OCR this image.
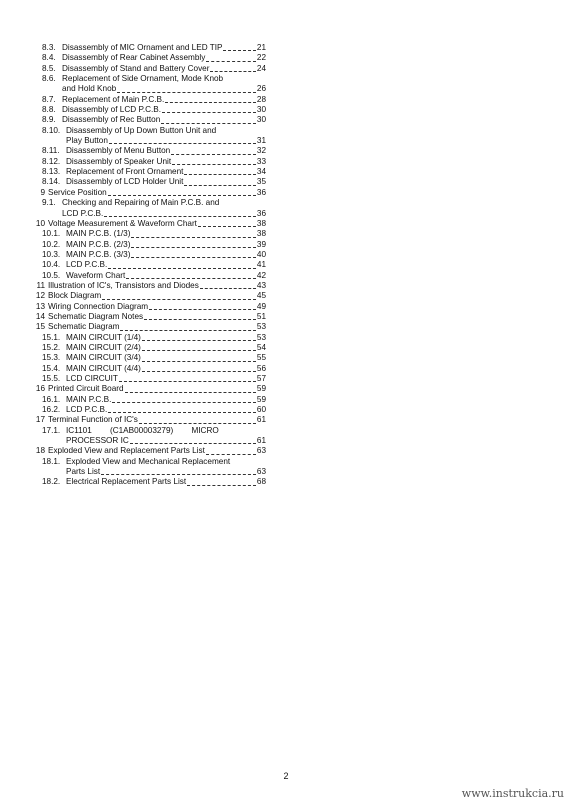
8.3. Disassembly of MIC Ornament and LED TIP	21
8.4. Disassembly of Rear Cabinet Assembly	22
8.5. Disassembly of Stand and Battery Cover	24
8.6. Replacement of Side Ornament, Mode Knob
and Hold Knob	26
8.7. Replacement of Main P.C.B.	28
8.8. Disassembly of LCD P.C.B.	30
8.9. Disassembly of Rec Button	30
8.10. Disassembly of Up Down Button Unit and
Play Button	31
8.11. Disassembly of Menu Button	32
8.12. Disassembly of Speaker Unit	33
8.13. Replacement of Front Ornament	34
8.14. Disassembly of LCD Holder Unit	35
9 Service Position	36
9.1. Checking and Repairing of Main P.C.B. and
LCD P.C.B.	36
10 Voltage Measurement & Waveform Chart	38
10.1. MAIN P.C.B. (1/3)	38
10.2. MAIN P.C.B. (2/3)	39
10.3. MAIN P.C.B. (3/3)	40
10.4. LCD P.C.B.	41
10.5. Waveform Chart	42
11 Illustration of IC's, Transistors and Diodes	43
12 Block Diagram	45
13 Wiring Connection Diagram	49
14 Schematic Diagram Notes	51
15 Schematic Diagram	53
15.1. MAIN CIRCUIT (1/4)	53
15.2. MAIN CIRCUIT (2/4)	54
15.3. MAIN CIRCUIT (3/4)	55
15.4. MAIN CIRCUIT (4/4)	56
15.5. LCD CIRCUIT	57
16 Printed Circuit Board	59
16.1. MAIN P.C.B.	59
16.2. LCD P.C.B.	60
17 Terminal Function of IC's	61
17.1. IC1101        (C1AB00003279)        MICRO
PROCESSOR IC	61
18 Exploded View and Replacement Parts List	63
18.1. Exploded View and Mechanical Replacement
Parts List	63
18.2. Electrical Replacement Parts List	68
2
www.instrukcia.ru
